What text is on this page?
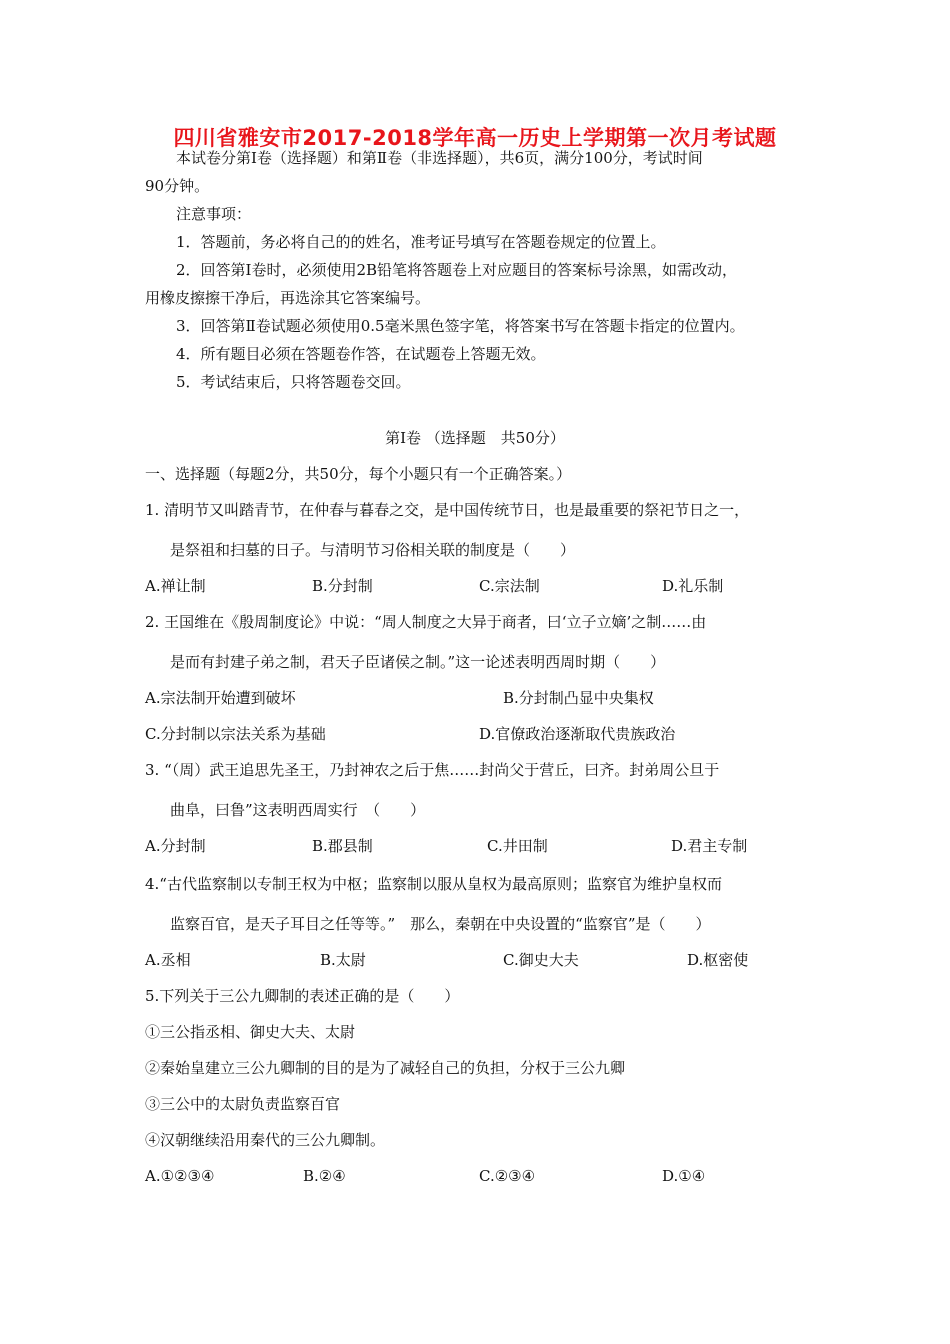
四川省雅安市2017-2018学年高一历史上学期第一次月考试题
本试卷分第Ⅰ卷（选择题）和第Ⅱ卷（非选择题），共6页，满分100分，考试时间
90分钟。
注意事项：
1．答题前，务必将自己的的姓名，准考证号填写在答题卷规定的位置上。
2．回答第Ⅰ卷时，必须使用2B铅笔将答题卷上对应题目的答案标号涂黑，如需改动，
用橡皮擦擦干净后，再选涂其它答案编号。
3．回答第Ⅱ卷试题必须使用0.5毫米黑色签字笔，将答案书写在答题卡指定的位置内。
4．所有题目必须在答题卷作答，在试题卷上答题无效。
5．考试结束后，只将答题卷交回。
第Ⅰ卷 （选择题　共50分）
一、选择题（每题2分，共50分，每个小题只有一个正确答案。）
1. 清明节又叫踏青节，在仲春与暮春之交，是中国传统节日，也是最重要的祭祀节日之一，
是祭祖和扫墓的日子。与清明节习俗相关联的制度是（　　）
A.禅让制	B.分封制	C.宗法制	D.礼乐制
2. 王国维在《殷周制度论》中说：“周人制度之大异于商者，曰‘立子立嫡’之制……由
是而有封建子弟之制，君天子臣诸侯之制。”这一论述表明西周时期（　　）
A.宗法制开始遭到破坏	B.分封制凸显中央集权
C.分封制以宗法关系为基础	D.官僚政治逐渐取代贵族政治
3. “（周）武王追思先圣王，乃封神农之后于焦……封尚父于营丘，曰齐。封弟周公旦于
曲阜，曰鲁”这表明西周实行　（　　）
A.分封制	B.郡县制	C.井田制	D.君主专制
4.“古代监察制以专制王权为中枢；监察制以服从皇权为最高原则；监察官为维护皇权而
监察百官，是天子耳目之任等等。”　那么，秦朝在中央设置的“监察官”是（　　）
A.丞相	B.太尉	C.御史大夫	D.枢密使
5.下列关于三公九卿制的表述正确的是（　　）
①三公指丞相、御史大夫、太尉
②秦始皇建立三公九卿制的目的是为了减轻自己的负担，分权于三公九卿
③三公中的太尉负责监察百官
④汉朝继续沿用秦代的三公九卿制。
A.①②③④	B.②④	C.②③④	D.①④
